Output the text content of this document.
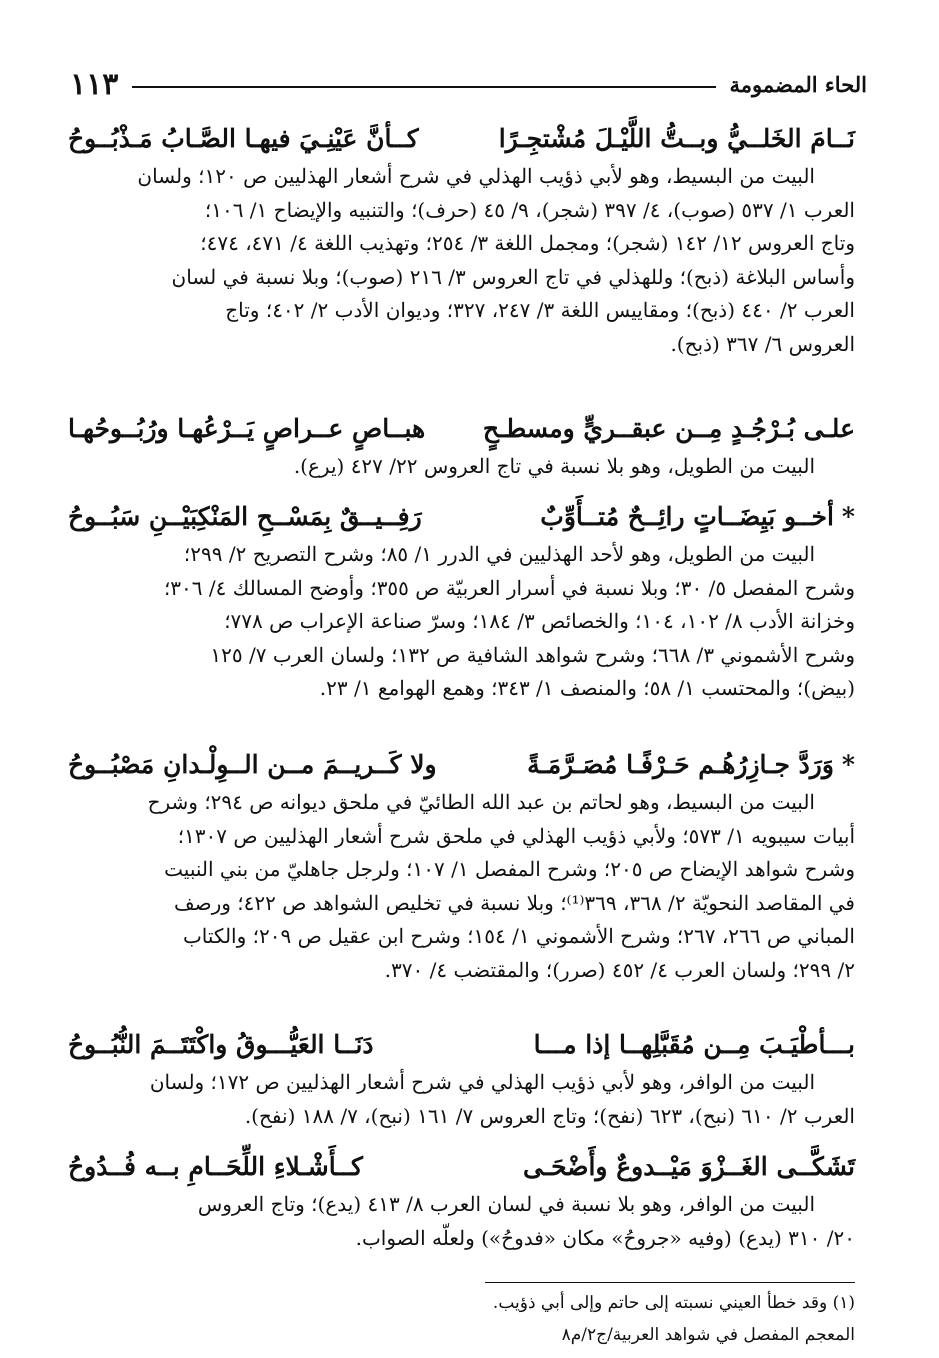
١١٣	الحاء المضمومة
نَــامَ الخَلــيُّ وبــتُّ اللَّيْـلَ مُشْتجِـرًا
كــأنَّ عَيْنِـيَ فيهـا الصَّـابُ مَـذْبُــوحُ

البيت من البسيط، وهو لأبي ذؤيب الهذلي في شرح أشعار الهذليين ص ١٢٠؛ ولسان

العرب ١/ ٥٣٧ (صوب)، ٤/ ٣٩٧ (شجر)، ٩/ ٤٥ (حرف)؛ والتنبيه والإيضاح ١/ ١٠٦؛

وتاج العروس ١٢/ ١٤٢ (شجر)؛ ومجمل اللغة ٣/ ٢٥٤؛ وتهذيب اللغة ٤/ ٤٧١، ٤٧٤؛

وأساس البلاغة (ذبح)؛ وللهذلي في تاج العروس ٣/ ٢١٦ (صوب)؛ وبلا نسبة في لسان

العرب ٢/ ٤٤٠ (ذبح)؛ ومقاييس اللغة ٣/ ٢٤٧، ٣٢٧؛ وديوان الأدب ٢/ ٤٠٢؛ وتاج

العروس ٦/ ٣٦٧ (ذبح).

علـى بُـرْجُـدٍ مِــن عبقــريٍّ ومسطـحٍ
هبــاصٍ عــراصٍ يَــرْعُهـا ورُبُــوحُهـا

البيت من الطويل، وهو بلا نسبة في تاج العروس ٢٢/ ٤٢٧ (يرع).

*أخــو بَيِضَــاتٍ رائِــحٌ مُتــأَوِّبٌ
رَفِــيــقٌ بِمَسْــحِ المَنْكِبَيْــنِ سَبُــوحُ

البيت من الطويل، وهو لأحد الهذليين في الدرر ١/ ٨٥؛ وشرح التصريح ٢/ ٢٩٩؛

وشرح المفصل ٥/ ٣٠؛ وبلا نسبة في أسرار العربيّة ص ٣٥٥؛ وأوضح المسالك ٤/ ٣٠٦؛

وخزانة الأدب ٨/ ١٠٢، ١٠٤؛ والخصائص ٣/ ١٨٤؛ وسرّ صناعة الإعراب ص ٧٧٨؛

وشرح الأشموني ٣/ ٦٦٨؛ وشرح شواهد الشافية ص ١٣٢؛ ولسان العرب ٧/ ١٢٥

(بيض)؛ والمحتسب ١/ ٥٨؛ والمنصف ١/ ٣٤٣؛ وهمع الهوامع ١/ ٢٣.

*وَرَدَّ جـازِرُهُـم حَـرْفًـا مُصَـرَّمَـةً
ولا كَــريــمَ مــن الــوِلْـدانِ مَصْبُــوحُ

البيت من البسيط، وهو لحاتم بن عبد الله الطائيّ في ملحق ديوانه ص ٢٩٤؛ وشرح

أبيات سيبويه ١/ ٥٧٣؛ ولأبي ذؤيب الهذلي في ملحق شرح أشعار الهذليين ص ١٣٠٧؛

وشرح شواهد الإيضاح ص ٢٠٥؛ وشرح المفصل ١/ ١٠٧؛ ولرجل جاهليّ من بني النبيت

في المقاصد النحويّة ٢/ ٣٦٨، ٣٦٩⁽¹⁾؛ وبلا نسبة في تخليص الشواهد ص ٤٢٢؛ ورصف

المباني ص ٢٦٦، ٢٦٧؛ وشرح الأشموني ١/ ١٥٤؛ وشرح ابن عقيل ص ٢٠٩؛ والكتاب

٢/ ٢٩٩؛ ولسان العرب ٤/ ٤٥٢ (صرر)؛ والمقتضب ٤/ ٣٧٠.

بـــأطْيَـبَ مِــن مُقَبَّلِهــا إذا مـــا
دَنَــا العَيُّـــوقُ واكْتَتَــمَ النُّبُــوحُ

البيت من الوافر، وهو لأبي ذؤيب الهذلي في شرح أشعار الهذليين ص ١٧٢؛ ولسان

العرب ٢/ ٦١٠ (نبح)، ٦٢٣ (نفح)؛ وتاج العروس ٧/ ١٦١ (نبح)، ٧/ ١٨٨ (نفح).

تَشَكَّــى الغَــزْوَ مَيْــدوعٌ وأَضْحَـى
كــأَشْـلاءِ اللِّحَــامِ بــه فُــدُوحُ

البيت من الوافر، وهو بلا نسبة في لسان العرب ٨/ ٤١٣ (يدع)؛ وتاج العروس

٢٠/ ٣١٠ (يدع) (وفيه «جروحُ» مكان «فدوحُ») ولعلّه الصواب.

(١) وقد خطأ العيني نسبته إلى حاتم وإلى أبي ذؤيب.
المعجم المفصل في شواهد العربية/ج٢/م٨
